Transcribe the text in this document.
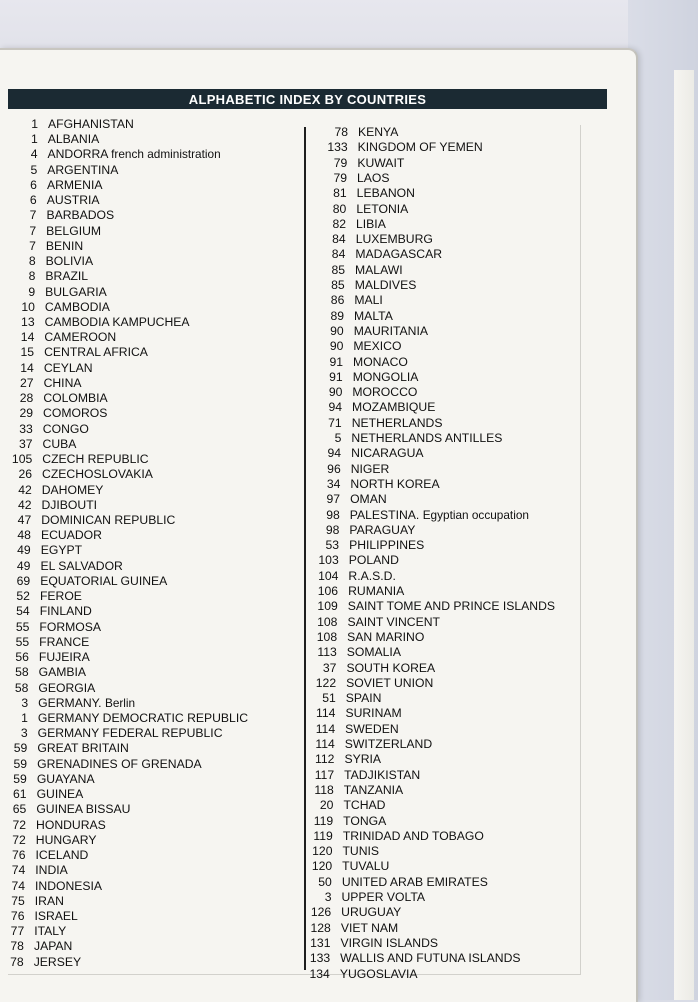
ALPHABETIC INDEX BY COUNTRIES
1 AFGHANISTAN
1 ALBANIA
4 ANDORRA french administration
5 ARGENTINA
6 ARMENIA
6 AUSTRIA
7 BARBADOS
7 BELGIUM
7 BENIN
8 BOLIVIA
8 BRAZIL
9 BULGARIA
10 CAMBODIA
13 CAMBODIA KAMPUCHEA
14 CAMEROON
15 CENTRAL AFRICA
14 CEYLAN
27 CHINA
28 COLOMBIA
29 COMOROS
33 CONGO
37 CUBA
105 CZECH REPUBLIC
26 CZECHOSLOVAKIA
42 DAHOMEY
42 DJIBOUTI
47 DOMINICAN REPUBLIC
48 ECUADOR
49 EGYPT
49 EL SALVADOR
69 EQUATORIAL GUINEA
52 FEROE
54 FINLAND
55 FORMOSA
55 FRANCE
56 FUJEIRA
58 GAMBIA
58 GEORGIA
3 GERMANY. Berlin
1 GERMANY DEMOCRATIC REPUBLIC
3 GERMANY FEDERAL REPUBLIC
59 GREAT BRITAIN
59 GRENADINES OF GRENADA
59 GUAYANA
61 GUINEA
65 GUINEA BISSAU
72 HONDURAS
72 HUNGARY
76 ICELAND
74 INDIA
74 INDONESIA
75 IRAN
76 ISRAEL
77 ITALY
78 JAPAN
78 JERSEY
78 KENYA
133 KINGDOM OF YEMEN
79 KUWAIT
79 LAOS
81 LEBANON
80 LETONIA
82 LIBIA
84 LUXEMBURG
84 MADAGASCAR
85 MALAWI
85 MALDIVES
86 MALI
89 MALTA
90 MAURITANIA
90 MEXICO
91 MONACO
91 MONGOLIA
90 MOROCCO
94 MOZAMBIQUE
71 NETHERLANDS
5 NETHERLANDS ANTILLES
94 NICARAGUA
96 NIGER
34 NORTH KOREA
97 OMAN
98 PALESTINA. Egyptian occupation
98 PARAGUAY
53 PHILIPPINES
103 POLAND
104 R.A.S.D.
106 RUMANIA
109 SAINT TOME AND PRINCE ISLANDS
108 SAINT VINCENT
108 SAN MARINO
113 SOMALIA
37 SOUTH KOREA
122 SOVIET UNION
51 SPAIN
114 SURINAM
114 SWEDEN
114 SWITZERLAND
112 SYRIA
117 TADJIKISTAN
118 TANZANIA
20 TCHAD
119 TONGA
119 TRINIDAD AND TOBAGO
120 TUNIS
120 TUVALU
50 UNITED ARAB EMIRATES
3 UPPER VOLTA
126 URUGUAY
128 VIET NAM
131 VIRGIN ISLANDS
133 WALLIS AND FUTUNA ISLANDS
134 YUGOSLAVIA
